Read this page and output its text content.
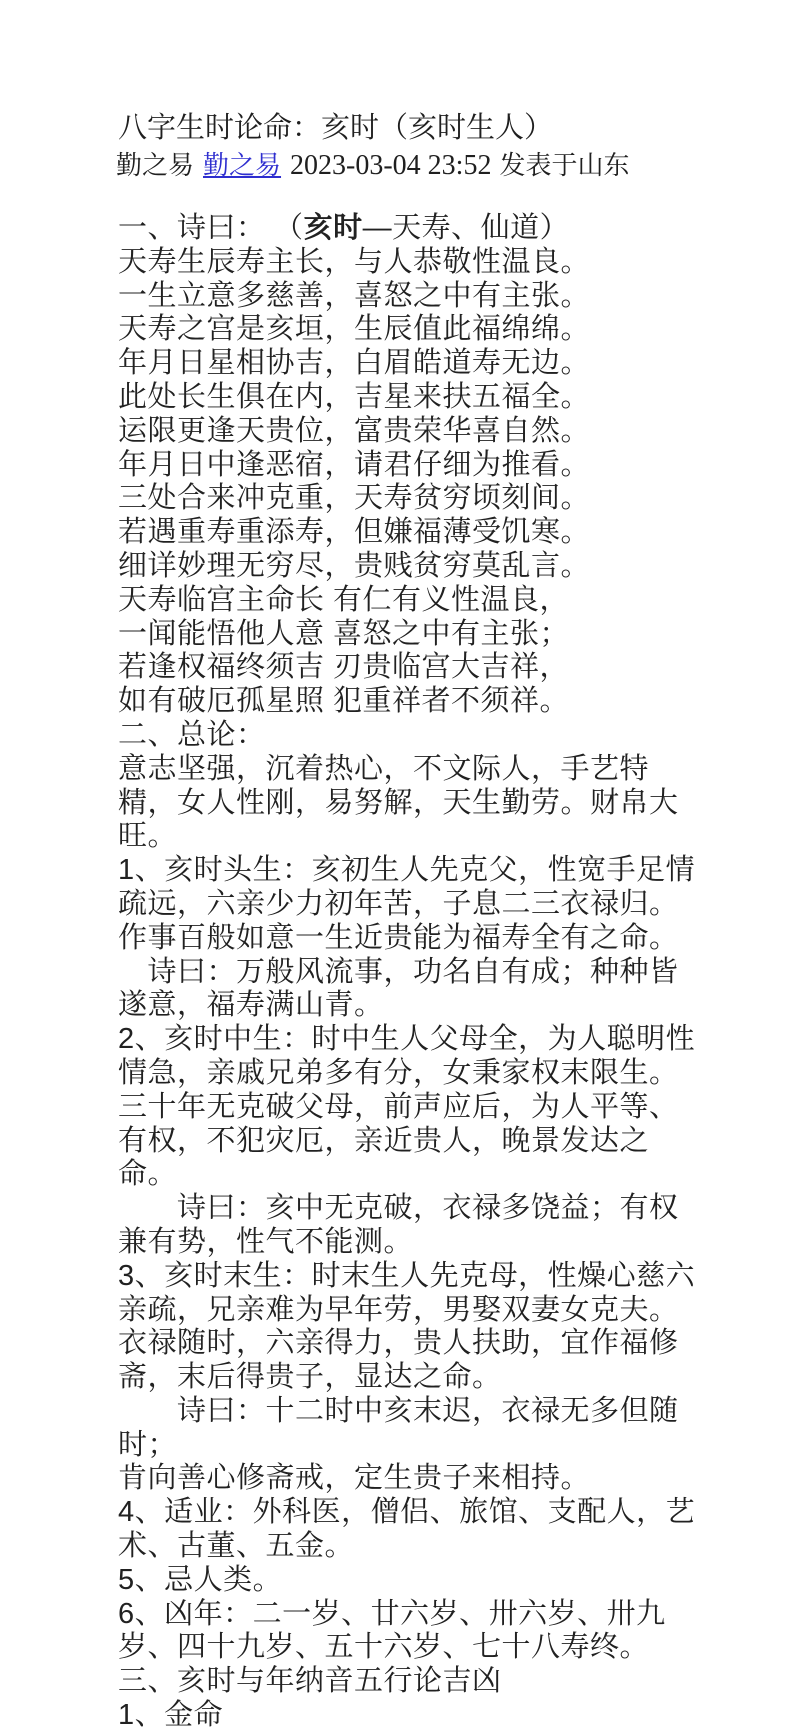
八字生时论命：亥时（亥时生人）
勤之易 勤之易 2023-03-04 23:52 发表于山东
一、诗曰： （亥时—天寿、仙道）
天寿生辰寿主长，与人恭敬性温良。
一生立意多慈善，喜怒之中有主张。
天寿之宫是亥垣，生辰值此福绵绵。
年月日星相协吉，白眉皓道寿无边。
此处长生俱在内，吉星来扶五福全。
运限更逢天贵位，富贵荣华喜自然。
年月日中逢恶宿，请君仔细为推看。
三处合来冲克重，天寿贫穷顷刻间。
若遇重寿重添寿，但嫌福薄受饥寒。
细详妙理无穷尽，贵贱贫穷莫乱言。
天寿临宫主命长 有仁有义性温良，
一闻能悟他人意 喜怒之中有主张；
若逢权福终须吉 刃贵临宫大吉祥，
如有破厄孤星照 犯重祥者不须祥。
二、总论：
意志坚强，沉着热心，不文际人，手艺特
精，女人性刚，易努解，天生勤劳。财帛大
旺。
1、亥时头生：亥初生人先克父，性宽手足情
疏远，六亲少力初年苦，子息二三衣禄归。
作事百般如意一生近贵能为福寿全有之命。
　诗曰：万般风流事，功名自有成；种种皆
遂意，福寿满山青。
2、亥时中生：时中生人父母全，为人聪明性
情急，亲戚兄弟多有分，女秉家权末限生。
三十年无克破父母，前声应后，为人平等、
有权，不犯灾厄，亲近贵人，晚景发达之
命。
　　诗曰：亥中无克破，衣禄多饶益；有权
兼有势，性气不能测。
3、亥时末生：时末生人先克母，性燥心慈六
亲疏，兄亲难为早年劳，男娶双妻女克夫。
衣禄随时，六亲得力，贵人扶助，宜作福修
斋，末后得贵子，显达之命。
　　诗曰：十二时中亥末迟，衣禄无多但随
时；
肯向善心修斋戒，定生贵子来相持。
4、适业：外科医，僧侣、旅馆、支配人，艺
术、古董、五金。
5、忌人类。
6、凶年：二一岁、廿六岁、卅六岁、卅九
岁、四十九岁、五十六岁、七十八寿终。
三、亥时与年纳音五行论吉凶
1、金命
